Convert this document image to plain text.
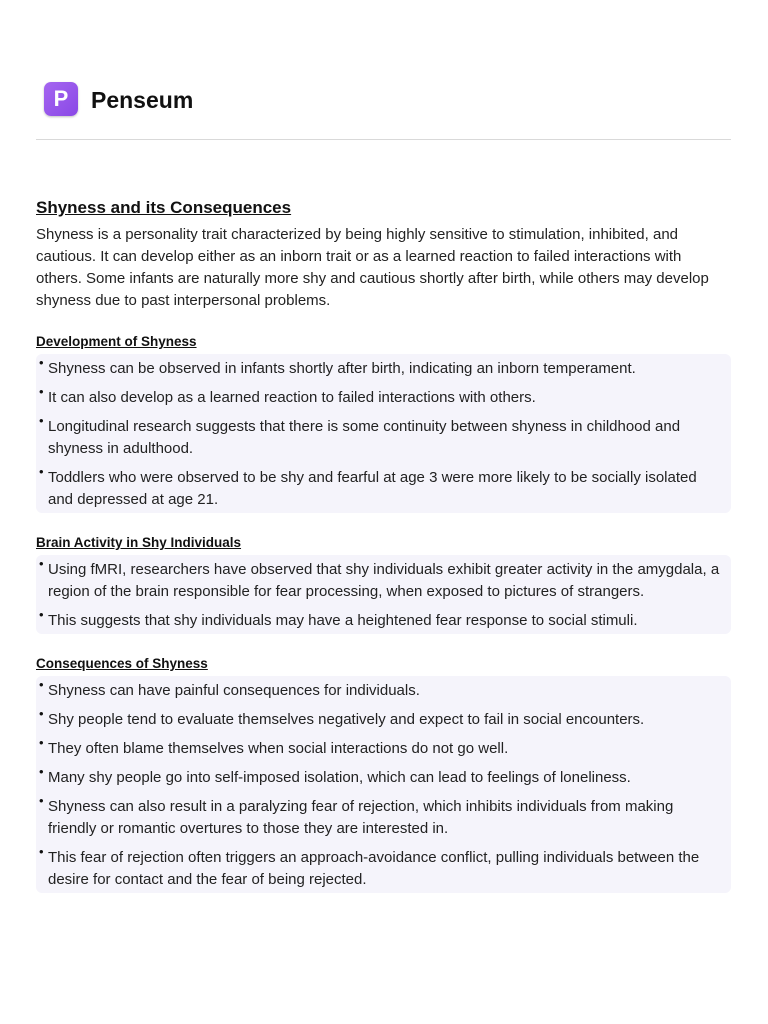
P Penseum
Shyness and its Consequences

Shyness is a personality trait characterized by being highly sensitive to stimulation, inhibited, and cautious. It can develop either as an inborn trait or as a learned reaction to failed interactions with others. Some infants are naturally more shy and cautious shortly after birth, while others may develop shyness due to past interpersonal problems.

Development of Shyness
• Shyness can be observed in infants shortly after birth, indicating an inborn temperament.
• It can also develop as a learned reaction to failed interactions with others.
• Longitudinal research suggests that there is some continuity between shyness in childhood and shyness in adulthood.
• Toddlers who were observed to be shy and fearful at age 3 were more likely to be socially isolated and depressed at age 21.
Brain Activity in Shy Individuals
• Using fMRI, researchers have observed that shy individuals exhibit greater activity in the amygdala, a region of the brain responsible for fear processing, when exposed to pictures of strangers.
• This suggests that shy individuals may have a heightened fear response to social stimuli.
Consequences of Shyness
• Shyness can have painful consequences for individuals.
• Shy people tend to evaluate themselves negatively and expect to fail in social encounters.
• They often blame themselves when social interactions do not go well.
• Many shy people go into self-imposed isolation, which can lead to feelings of loneliness.
• Shyness can also result in a paralyzing fear of rejection, which inhibits individuals from making friendly or romantic overtures to those they are interested in.
• This fear of rejection often triggers an approach-avoidance conflict, pulling individuals between the desire for contact and the fear of being rejected.
